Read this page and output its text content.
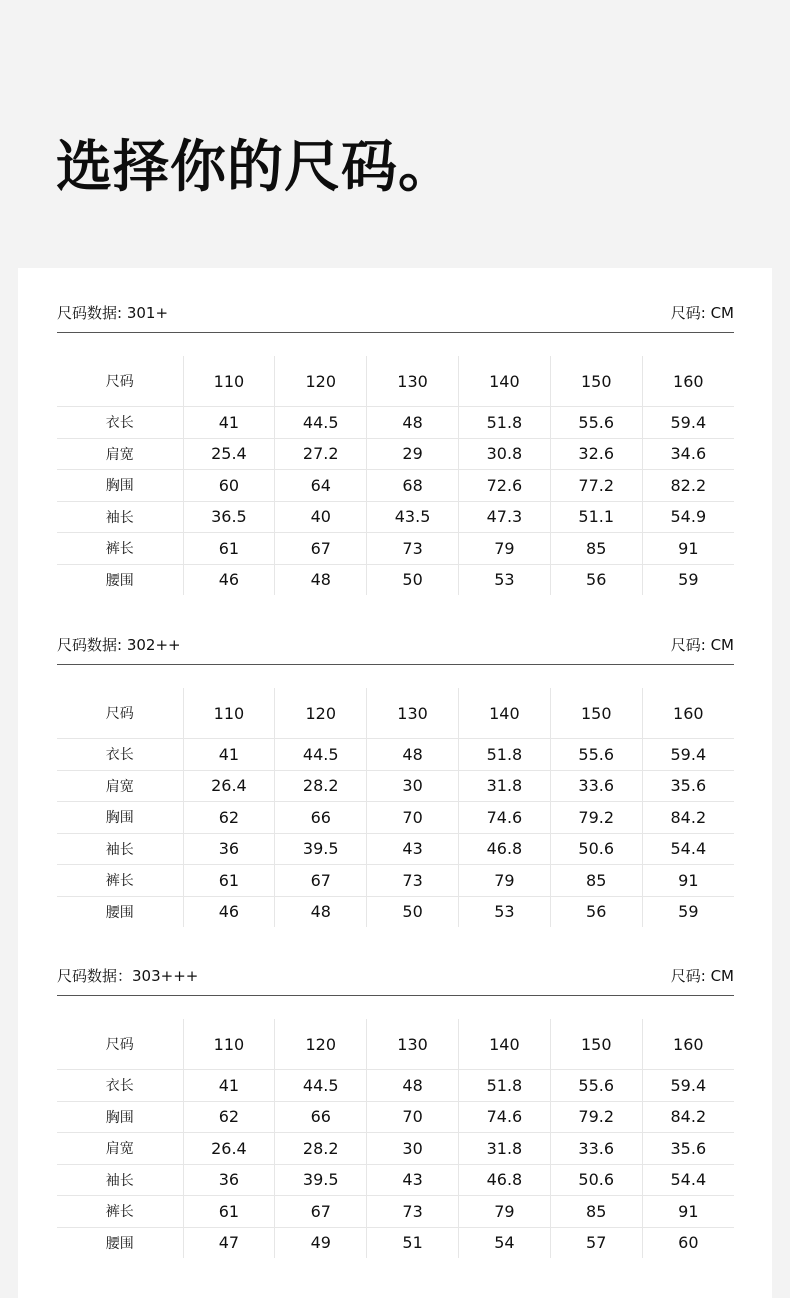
选择你的尺码。
尺码数据: 301+	尺码: CM
尺码	110	120	130	140	150	160
衣长	41	44.5	48	51.8	55.6	59.4
肩宽	25.4	27.2	29	30.8	32.6	34.6
胸围	60	64	68	72.6	77.2	82.2
袖长	36.5	40	43.5	47.3	51.1	54.9
裤长	61	67	73	79	85	91
腰围	46	48	50	53	56	59
尺码数据: 302++	尺码: CM
尺码	110	120	130	140	150	160
衣长	41	44.5	48	51.8	55.6	59.4
肩宽	26.4	28.2	30	31.8	33.6	35.6
胸围	62	66	70	74.6	79.2	84.2
袖长	36	39.5	43	46.8	50.6	54.4
裤长	61	67	73	79	85	91
腰围	46	48	50	53	56	59
尺码数据：303+++	尺码: CM
尺码	110	120	130	140	150	160
衣长	41	44.5	48	51.8	55.6	59.4
胸围	62	66	70	74.6	79.2	84.2
肩宽	26.4	28.2	30	31.8	33.6	35.6
袖长	36	39.5	43	46.8	50.6	54.4
裤长	61	67	73	79	85	91
腰围	47	49	51	54	57	60
